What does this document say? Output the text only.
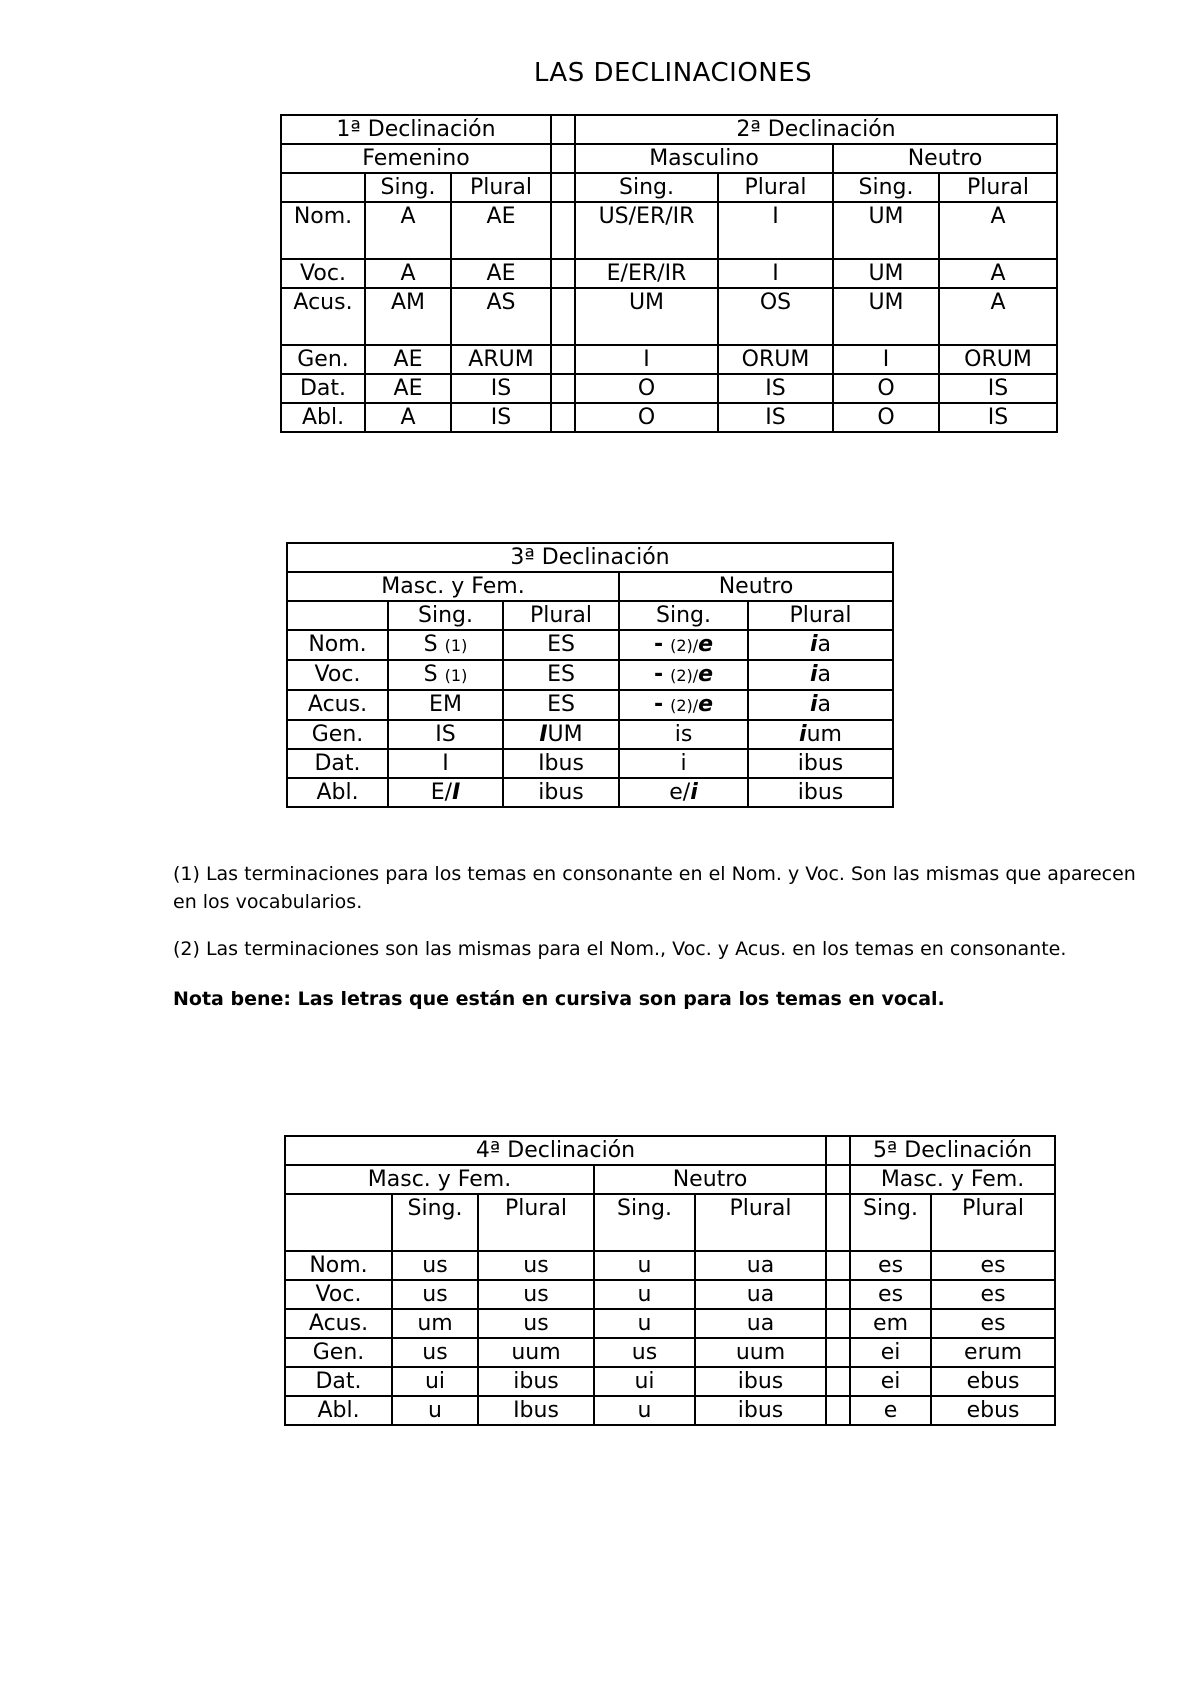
LAS DECLINACIONES
1ª Declinación				2ª Declinación			
Femenino				Masculino		Neutro	
	Sing.	Plural		Sing.	Plural	Sing.	Plural
Nom.	A	AE		US/ER/IR	I	UM	A
Voc.	A	AE		E/ER/IR	I	UM	A
Acus.	AM	AS		UM	OS	UM	A
Gen.	AE	ARUM		I	ORUM	I	ORUM
Dat.	AE	IS		O	IS	O	IS
Abl.	A	IS		O	IS	O	IS
3ª Declinación				
Masc. y Fem.			Neutro	
	Sing.	Plural	Sing.	Plural
Nom.	S (1)	ES	- (2)/e	ia
Voc.	S (1)	ES	- (2)/e	ia
Acus.	EM	ES	- (2)/e	ia
Gen.	IS	IUM	is	ium
Dat.	I	Ibus	i	ibus
Abl.	E/I	ibus	e/i	ibus
(1) Las terminaciones para los temas en consonante en el Nom. y Voc. Son las mismas que aparecen en los vocabularios.
(2) Las terminaciones son las mismas para el Nom., Voc. y Acus. en los temas en consonante.
Nota bene: Las letras que están en cursiva son para los temas en vocal.
4ª Declinación						5ª Declinación	
Masc. y Fem.			Neutro			Masc. y Fem.	
	Sing.	Plural	Sing.	Plural		Sing.	Plural
Nom.	us	us	u	ua		es	es
Voc.	us	us	u	ua		es	es
Acus.	um	us	u	ua		em	es
Gen.	us	uum	us	uum		ei	erum
Dat.	ui	ibus	ui	ibus		ei	ebus
Abl.	u	Ibus	u	ibus		e	ebus
